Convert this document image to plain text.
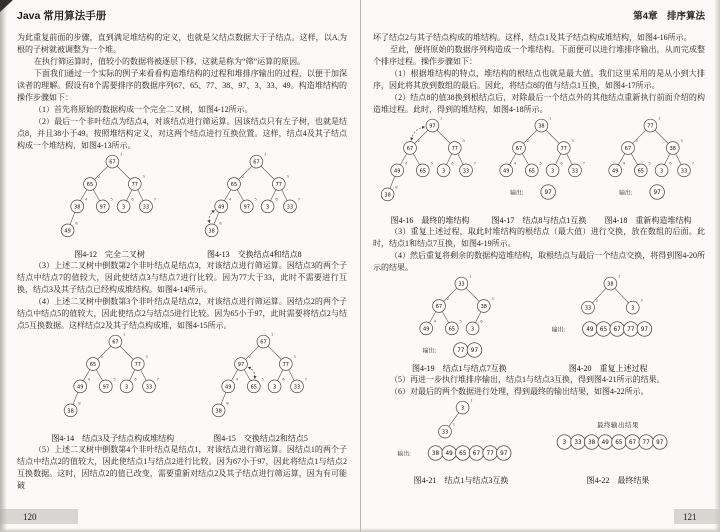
Java 常用算法手册
为此重复前面的步骤，直到满足堆结构的定义，也就是父结点数据大于子结点。这样，以Aᵢ为根的子树就被调整为一个堆。
在执行筛运算时，值较小的数据将被逐层下移，这就是称为“筛”运算的原因。
下面我们通过一个实际的例子来看看构造堆结构的过程和堆排序输出的过程，以便于加深读者的理解。假设有8个需要排序的数据序列67、65、77、38、97、3、33、49。构造堆结构的操作步骤如下：
（1）首先将原始的数据构成一个完全二叉树，如图4-12所示。
（2）最后一个非叶结点为结点4，对该结点进行筛运算。因该结点只有左子树，也就是结点8，并且38小于49。按照堆结构定义，对这两个结点进行互换位置。这样，结点4及其子结点构成一个堆结构，如图4-13所示。
67
1
65
2
77
3
38
4
97
5
3
6
33
7
49
8
图4-12　完全二叉树
67
1
65
2
77
3
49
4
97
5
3
6
33
7
38
8
图4-13　交换结点4和结点8
（3）上述二叉树中倒数第2个非叶结点是结点3，对该结点进行筛运算。因结点3的两个子结点中结点7的值较大，因此使结点3与结点7进行比较。因为77大于33，此时不需要进行互换，结点3及其子结点已经构成堆结构。如图4-14所示。
（4）上述二叉树中倒数第3个非叶结点是结点2，对该结点进行筛运算。因结点2的两个子结点中结点5的值较大，因此使结点2与结点5进行比较。因为65小于97，此时需要将结点2与结点5互换数据。这样结点2及其子结点构成堆，如图4-15所示。
67
1
65
2
77
3
49
4
97
5
3
6
33
7
38
8
图4-14　结点3及子结点构成堆结构
67
1
97
2
77
3
49
4
65
5
3
6
33
7
38
8
图4-15　交换结点2和结点5
（5）上述二叉树中倒数第4个非叶结点是结点1，对该结点进行筛运算。因结点1的两个子结点中结点2的值较大，因此使结点1与结点2进行比较。因为67小于97，因此将结点1与结点2互换数据。这时，因结点2的值已改变，需要重新对结点2及其子结点进行筛运算，因为有可能破
第4章　排序算法
坏了结点2与其子结点构成的堆结构。这样，结点1及其子结点构成堆结构，如图4-16所示。
至此，便将原始的数据序列构造成一个堆结构。下面便可以进行堆排序输出，从而完成整个排序过程。操作步骤如下：
（1）根据堆结构的特点，堆结构的根结点也就是最大值。我们这里采用的是从小到大排序，因此将其放到数组的最后。因此，将结点8的值与结点1互换，如图4-17所示。
（2）结点8的值38换到根结点后，对除最后一个结点外的其他结点重新执行前面介绍的构造堆过程。此时，得到的堆结构，如图4-18所示。
97
1
67
2
77
3
49
4
65
5
3
6
33
7
38
8
图4-16　最终的堆结构
38
1
67
2
77
3
49
4
65
5
3
6
33
7
输出:	97
图4-17　结点8与结点1互换
77
1
67
2
38
3
49
4
65
5
3
6
33
7
输出:	97
图4-18　重新构造堆结构
（3）重复上述过程，取此时堆结构的根结点（最大值）进行交换，放在数组的后面。此时，结点1和结点7互换，如图4-19所示。
（4）然后重复将剩余的数据构造堆结构，取根结点与最后一个结点交换，将得到图4-20所示的结果。
33
1
67
2
38
3
49
4
65
5
3
6
输出:	77 97
图4-19　结点1与结点7互换
38
1
33
2
3
3
输出:	49 65 67 77 97
图4-20　重复上述过程
（5）再进一步执行堆排序输出，结点1与结点3互换，得到图4-21所示的结果。
（6）对最后的两个数据进行处理，得到最终的输出结果，如图4-22所示。
3
1
33
2
输出:	38 49 65 67 77 97
图4-21　结点1与结点3互换
最终输出结果
3 33 38 49 65 67 77 97
图4-22　最终结果
120	121
